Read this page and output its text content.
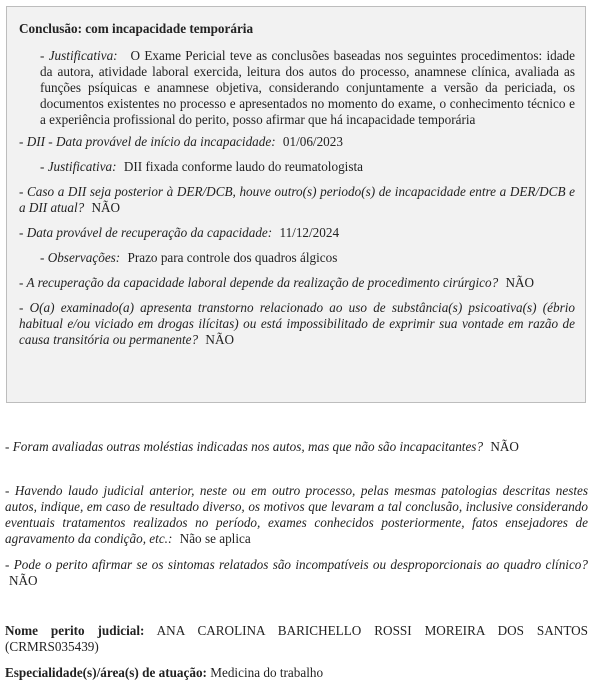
Conclusão: com incapacidade temporária
- Justificativa: O Exame Pericial teve as conclusões baseadas nos seguintes procedimentos: idade da autora, atividade laboral exercida, leitura dos autos do processo, anamnese clínica, avaliada as funções psíquicas e anamnese objetiva, considerando conjuntamente a versão da periciada, os documentos existentes no processo e apresentados no momento do exame, o conhecimento técnico e a experiência profissional do perito, posso afirmar que há incapacidade temporária
- DII - Data provável de início da incapacidade: 01/06/2023
- Justificativa: DII fixada conforme laudo do reumatologista
- Caso a DII seja posterior à DER/DCB, houve outro(s) periodo(s) de incapacidade entre a DER/DCB e a DII atual? NÃO
- Data provável de recuperação da capacidade: 11/12/2024
- Observações: Prazo para controle dos quadros álgicos
- A recuperação da capacidade laboral depende da realização de procedimento cirúrgico? NÃO
- O(a) examinado(a) apresenta transtorno relacionado ao uso de substância(s) psicoativa(s) (ébrio habitual e/ou viciado em drogas ilícitas) ou está impossibilitado de exprimir sua vontade em razão de causa transitória ou permanente? NÃO
- Foram avaliadas outras moléstias indicadas nos autos, mas que não são incapacitantes? NÃO
- Havendo laudo judicial anterior, neste ou em outro processo, pelas mesmas patologias descritas nestes autos, indique, em caso de resultado diverso, os motivos que levaram a tal conclusão, inclusive considerando eventuais tratamentos realizados no período, exames conhecidos posteriormente, fatos ensejadores de agravamento da condição, etc.: Não se aplica
- Pode o perito afirmar se os sintomas relatados são incompatíveis ou desproporcionais ao quadro clínico? NÃO
Nome perito judicial: ANA CAROLINA BARICHELLO ROSSI MOREIRA DOS SANTOS (CRMRS035439)
Especialidade(s)/área(s) de atuação: Medicina do trabalho
